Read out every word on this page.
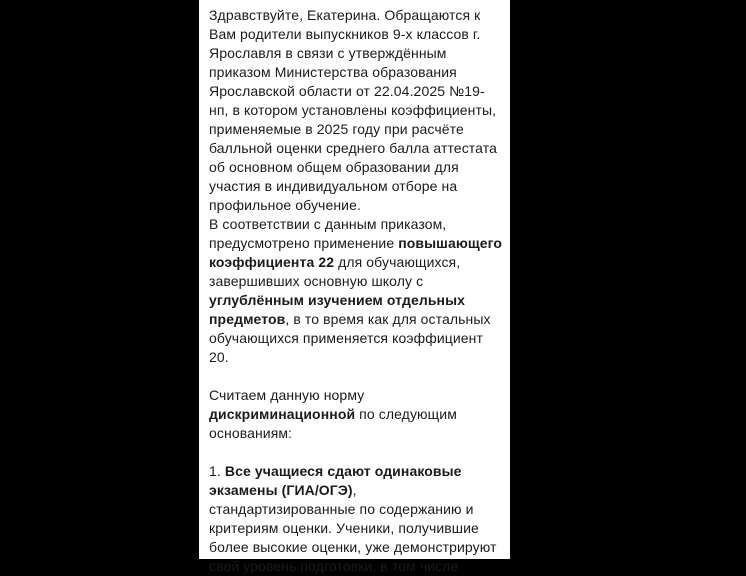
Здравствуйте, Екатерина. Обращаются к
Вам родители выпускников 9-х классов г.
Ярославля в связи с утверждённым
приказом Министерства образования
Ярославской области от 22.04.2025 №19-
нп, в котором установлены коэффициенты,
применяемые в 2025 году при расчёте
балльной оценки среднего балла аттестата
об основном общем образовании для
участия в индивидуальном отборе на
профильное обучение.
В соответствии с данным приказом,
предусмотрено применение повышающего
коэффициента 22 для обучающихся,
завершивших основную школу с
углублённым изучением отдельных
предметов, в то время как для остальных
обучающихся применяется коэффициент
20.
Считаем данную норму
дискриминационной по следующим
основаниям:
1. Все учащиеся сдают одинаковые
экзамены (ГИА/ОГЭ),
стандартизированные по содержанию и
критериям оценки. Ученики, получившие
более высокие оценки, уже демонстрируют
свой уровень подготовки, в том числе
